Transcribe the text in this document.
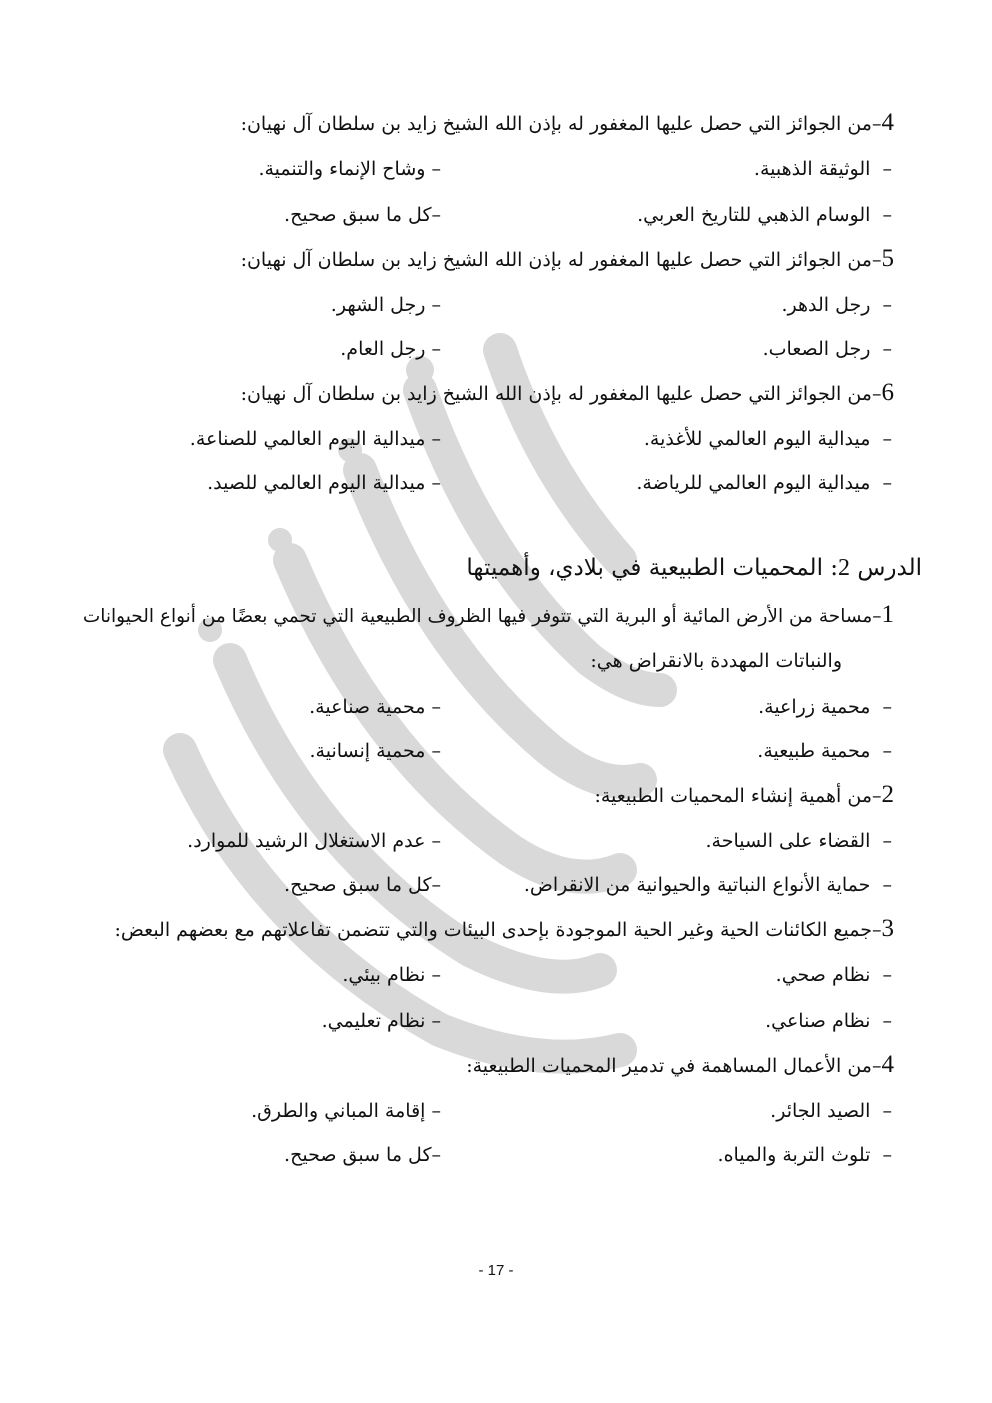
4–من الجوائز التي حصل عليها المغفور له بإذن الله الشيخ زايد بن سلطان آل نهيان:
–  الوثيقة الذهبية.
– وشاح الإنماء والتنمية.
–  الوسام الذهبي للتاريخ العربي.
–كل ما سبق صحيح.
5–من الجوائز التي حصل عليها المغفور له بإذن الله الشيخ زايد بن سلطان آل نهيان:
–  رجل الدهر.
– رجل الشهر.
–  رجل الصعاب.
– رجل العام.
6–من الجوائز التي حصل عليها المغفور له بإذن الله الشيخ زايد بن سلطان آل نهيان:
–  ميدالية اليوم العالمي للأغذية.
– ميدالية اليوم العالمي للصناعة.
–  ميدالية اليوم العالمي للرياضة.
– ميدالية اليوم العالمي للصيد.
الدرس 2: المحميات الطبيعية في بلادي، وأهميتها
1–مساحة من الأرض المائية أو البرية التي تتوفر فيها الظروف الطبيعية التي تحمي بعضًا من أنواع الحيوانات
والنباتات المهددة بالانقراض هي:
–  محمية زراعية.
– محمية صناعية.
–  محمية طبيعية.
– محمية إنسانية.
2–من أهمية إنشاء المحميات الطبيعية:
–  القضاء على السياحة.
– عدم الاستغلال الرشيد للموارد.
–  حماية الأنواع النباتية والحيوانية من الانقراض.
–كل ما سبق صحيح.
3–جميع الكائنات الحية وغير الحية الموجودة بإحدى البيئات والتي تتضمن تفاعلاتهم مع بعضهم البعض:
–  نظام صحي.
– نظام بيئي.
–  نظام صناعي.
– نظام تعليمي.
4–من الأعمال المساهمة في تدمير المحميات الطبيعية:
–  الصيد الجائر.
– إقامة المباني والطرق.
–  تلوث التربة والمياه.
–كل ما سبق صحيح.
- 17 -
